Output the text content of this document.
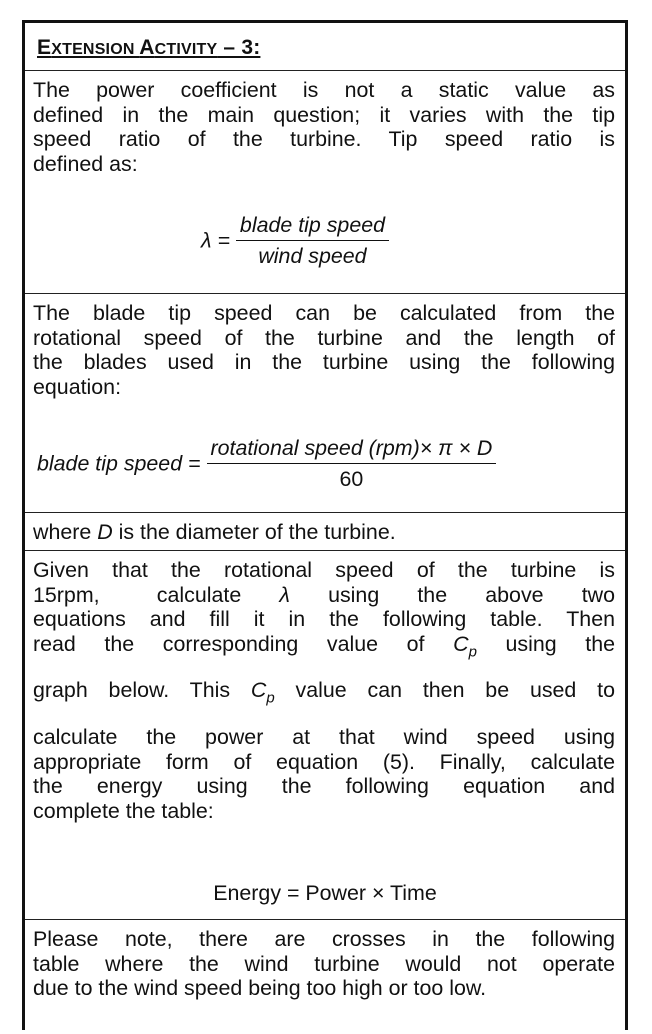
EXTENSION ACTIVITY – 3:
The power coefficient is not a static value as
defined in the main question; it varies with the tip
speed ratio of the turbine. Tip speed ratio is
defined as:
$\lambda = \frac{\text{blade tip speed}}{\text{wind speed}}$
The blade tip speed can be calculated from the
rotational speed of the turbine and the length of
the blades used in the turbine using the following
equation:
blade tip speed = $\frac{\text{rotational speed (rpm)× π × D}}{60}$
where D is the diameter of the turbine.
Given that the rotational speed of the turbine is
15rpm,   calculate  λ  using  the  above  two
equations and fill it in the following table. Then
read the corresponding value of $C_p$ using the
graph below. This $C_p$ value can then be used to
calculate the power at that wind speed using
appropriate form of equation (5). Finally, calculate
the energy using the following equation and
complete the table:
Energy = Power × Time
Please note, there are crosses in the following
table where the wind turbine would not operate
due to the wind speed being too high or too low.
